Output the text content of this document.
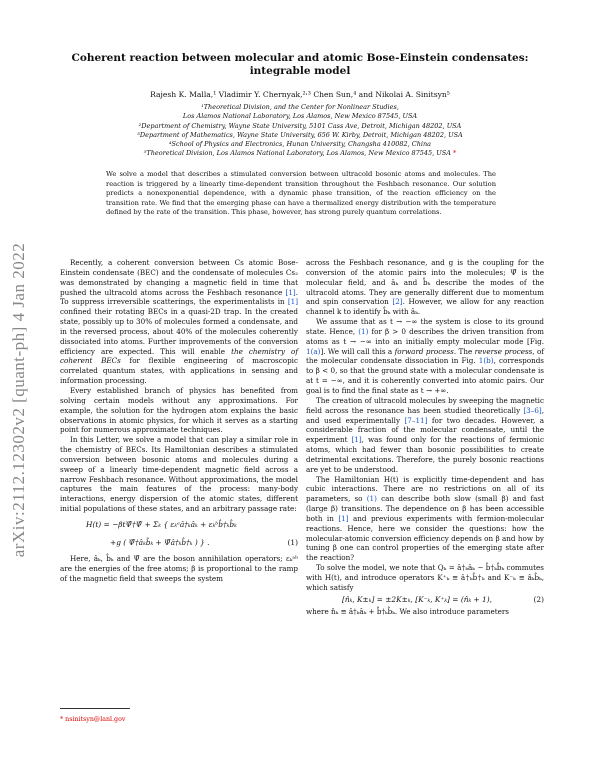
arXiv:2112.12302v2 [quant-ph] 4 Jan 2022
Coherent reaction between molecular and atomic Bose-Einstein condensates:
integrable model
Rajesh K. Malla,¹ Vladimir Y. Chernyak,²˒³ Chen Sun,⁴ and Nikolai A. Sinitsyn⁵
¹Theoretical Division, and the Center for Nonlinear Studies,
Los Alamos National Laboratory, Los Alamos, New Mexico 87545, USA
²Department of Chemistry, Wayne State University, 5101 Cass Ave, Detroit, Michigan 48202, USA
³Department of Mathematics, Wayne State University, 656 W. Kirby, Detroit, Michigan 48202, USA
⁴School of Physics and Electronics, Hunan University, Changsha 410082, China
⁵Theoretical Division, Los Alamos National Laboratory, Los Alamos, New Mexico 87545, USA *
We solve a model that describes a stimulated conversion between ultracold bosonic atoms and molecules. The reaction is triggered by a linearly time-dependent transition throughout the Feshbach resonance. Our solution predicts a nonexponential dependence, with a dynamic phase transition, of the reaction efficiency on the transition rate. We find that the emerging phase can have a thermalized energy distribution with the temperature defined by the rate of the transition. This phase, however, has strong purely quantum correlations.

Recently, a coherent conversion between Cs atomic Bose-Einstein condensate (BEC) and the condensate of molecules Cs₂ was demonstrated by changing a magnetic field in time that pushed the ultracold atoms across the Feshbach resonance [1]. To suppress irreversible scatterings, the experimentalists in [1] confined their rotating BECs in a quasi-2D trap. In the created state, possibly up to 30% of molecules formed a condensate, and in the reversed process, about 40% of the molecules coherently dissociated into atoms. Further improvements of the conversion efficiency are expected. This will enable the chemistry of coherent BECs for flexible engineering of macroscopic correlated quantum states, with applications in sensing and information processing.

Every established branch of physics has benefited from solving certain models without any approximations. For example, the solution for the hydrogen atom explains the basic observations in atomic physics, for which it serves as a starting point for numerous approximate techniques.

In this Letter, we solve a model that can play a similar role in the chemistry of BECs. Its Hamiltonian describes a stimulated conversion between bosonic atoms and molecules during a sweep of a linearly time-dependent magnetic field across a narrow Feshbach resonance. Without approximations, the model captures the main features of the process: many-body interactions, energy dispersion of the atomic states, different initial populations of these states, and an arbitrary passage rate:

H(t) = −βtΨ̂†Ψ̂ + Σₖ { εₖᵃâ†ₖâₖ + εₖᵇb̂†ₖb̂ₖ
+g ( Ψ̂†âₖb̂ₖ + Ψ̂â†ₖb̂†ₖ ) } .	(1)

Here, âₖ, b̂ₖ and Ψ̂ are the boson annihilation operators; εₖᵃᵇ are the energies of the free atoms; β is proportional to the ramp of the magnetic field that sweeps the system

across the Feshbach resonance, and g is the coupling for the conversion of the atomic pairs into the molecules; Ψ̂ is the molecular field, and âₖ and b̂ₖ describe the modes of the ultracold atoms. They are generally different due to momentum and spin conservation [2]. However, we allow for any reaction channel k to identify b̂ₖ with âₖ.

We assume that as t → −∞ the system is close to its ground state. Hence, (1) for β > 0 describes the driven transition from atoms as t → −∞ into an initially empty molecular mode [Fig. 1(a)]. We will call this a forward process. The reverse process, of the molecular condensate dissociation in Fig. 1(b), corresponds to β < 0, so that the ground state with a molecular condensate is at t = −∞, and it is coherently converted into atomic pairs. Our goal is to find the final state as t → +∞.

The creation of ultracold molecules by sweeping the magnetic field across the resonance has been studied theoretically [3–6], and used experimentally [7–11] for two decades. However, a considerable fraction of the molecular condensate, until the experiment [1], was found only for the reactions of fermionic atoms, which had fewer than bosonic possibilities to create detrimental excitations. Therefore, the purely bosonic reactions are yet to be understood.

The Hamiltonian H(t) is explicitly time-dependent and has cubic interactions. There are no restrictions on all of its parameters, so (1) can describe both slow (small β) and fast (large β) transitions. The dependence on β has been accessible both in [1] and previous experiments with fermion-molecular reactions. Hence, here we consider the questions: how the molecular-atomic conversion efficiency depends on β and how by tuning β one can control properties of the emerging state after the reaction?

To solve the model, we note that Qₖ = â†ₖâₖ − b̂†ₖb̂ₖ commutes with H(t), and introduce operators K⁺ₖ ≡ â†ₖb̂†ₖ and K⁻ₖ ≡ âₖb̂ₖ, which satisfy

[n̂ₖ, K±ₖ] = ±2K±ₖ, [K⁻ₖ, K⁺ₖ] = (n̂ₖ + 1),	(2)

where n̂ₖ ≡ â†ₖâₖ + b̂†ₖb̂ₖ. We also introduce parameters

* nsinitsyn@lanl.gov
